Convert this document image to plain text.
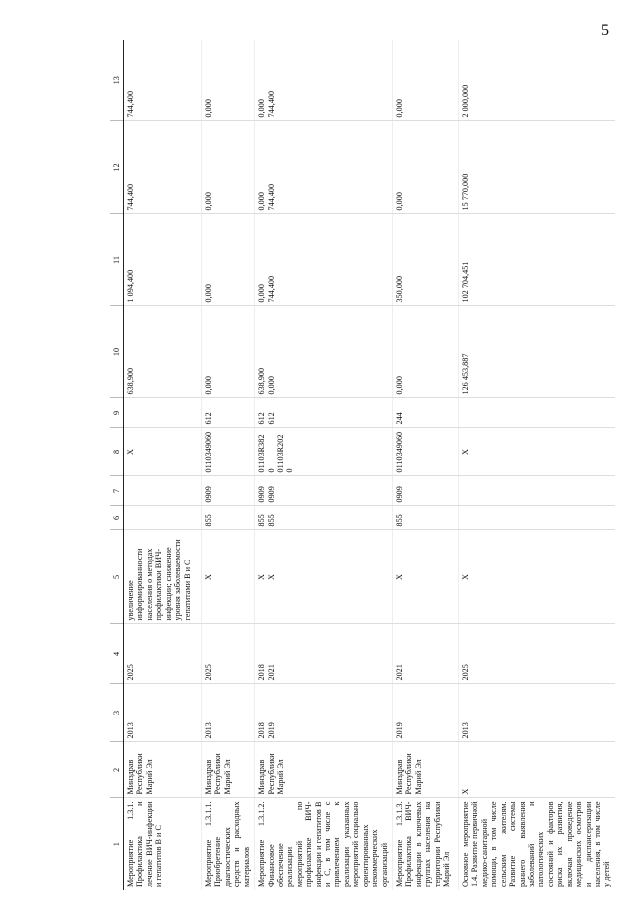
5
1	2	3	4	5	6	7	8	9	10	11	12	13
Мероприятие 1.3.1. Профилактика и лечение ВИЧ-инфекции и гепатитов В и С	Минздрав Республики Марий Эл	2013	2025	увеличение информированности населения о методах профилактики ВИЧ-инфекции; снижение уровня заболеваемости гепатитами В и С			X		638,900	1 094,400	744,400	744,400
Мероприятие 1.3.1.1. Приобретение диагностических средств и расходных материалов	Минздрав Республики Марий Эл	2013	2025	X	855	0909	0110349060	612	0,000	0,000	0,000	0,000
Мероприятие 1.3.1.2. Финансовое обеспечение реализации мероприятий по профилактике ВИЧ-инфекции и гепатитов В и С, в том числе с привлечением к реализации указанных мероприятий социально ориентированных некоммерческих организаций	Минздрав Республики Марий Эл	2018 2019	2018 2021	X X	855 855	0909 0909	01103R3820 01103R2020	612 612	638,900 0,000	0,000 744,400	0,000 744,400	0,000 744,400

Мероприятие 1.3.1.3. Профилактика ВИЧ-инфекции в ключевых группах населения на территории Республики Марий Эл	Минздрав Республики Марий Эл	2019	2021	X	855	0909	0110349060	244	0,000	350,000	0,000	0,000
Основное мероприятие 1.4. Развитие первичной медико-санитарной помощи, в том числе сельским жителям. Развитие системы раннего выявления заболеваний и патологических состояний и факторов риска их развития, включая проведение медицинских осмотров и диспансеризации населения, в том числе у детей	X	2013	2025	X			X		126 453,887	102 704,451	15 770,000	2 000,000
